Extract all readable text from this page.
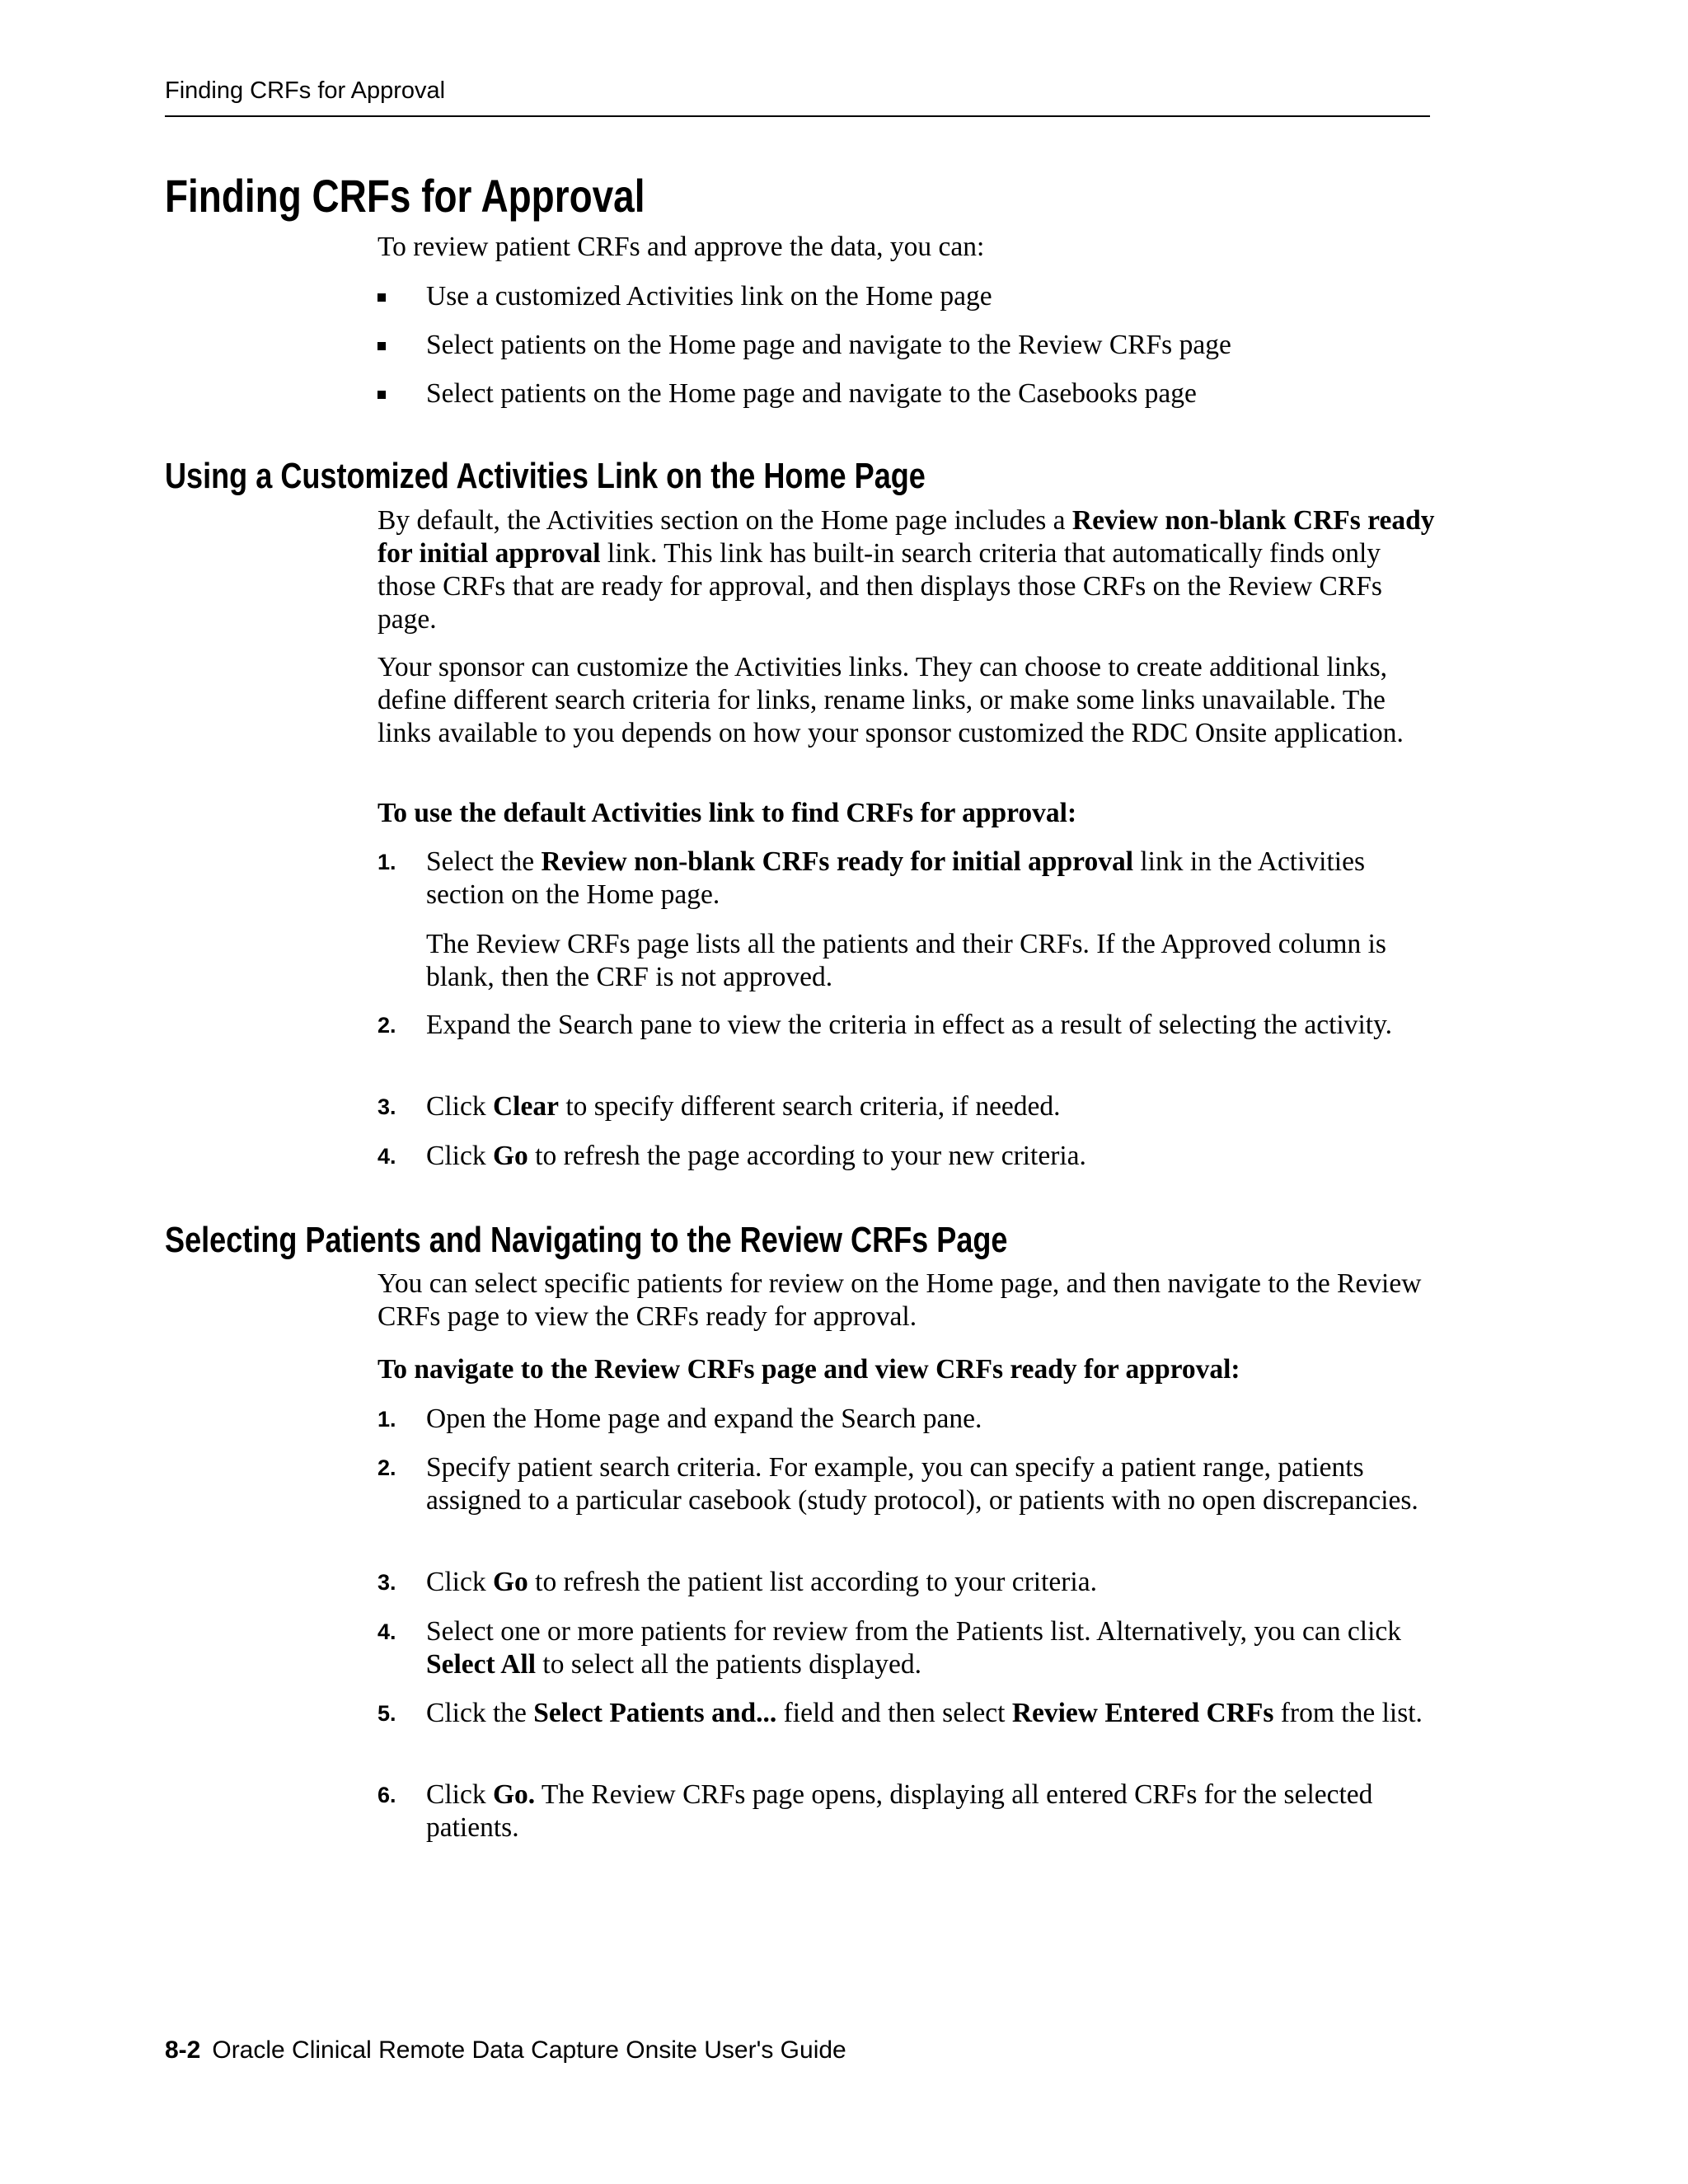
Finding CRFs for Approval
Finding CRFs for Approval

To review patient CRFs and approve the data, you can:

Use a customized Activities link on the Home page
Select patients on the Home page and navigate to the Review CRFs page
Select patients on the Home page and navigate to the Casebooks page
Using a Customized Activities Link on the Home Page

By default, the Activities section on the Home page includes a Review non-blank CRFs ready for initial approval link. This link has built-in search criteria that automatically finds only those CRFs that are ready for approval, and then displays those CRFs on the Review CRFs page.

Your sponsor can customize the Activities links. They can choose to create additional links, define different search criteria for links, rename links, or make some links unavailable. The links available to you depends on how your sponsor customized the RDC Onsite application.

To use the default Activities link to find CRFs for approval:

1. Select the Review non-blank CRFs ready for initial approval link in the Activities section on the Home page.
2. Expand the Search pane to view the criteria in effect as a result of selecting the activity.
3. Click Clear to specify different search criteria, if needed.
4. Click Go to refresh the page according to your new criteria.

The Review CRFs page lists all the patients and their CRFs. If the Approved column is blank, then the CRF is not approved.

Selecting Patients and Navigating to the Review CRFs Page

You can select specific patients for review on the Home page, and then navigate to the Review CRFs page to view the CRFs ready for approval.

To navigate to the Review CRFs page and view CRFs ready for approval:

1. Open the Home page and expand the Search pane.
2. Specify patient search criteria. For example, you can specify a patient range, patients assigned to a particular casebook (study protocol), or patients with no open discrepancies.
3. Click Go to refresh the patient list according to your criteria.
4. Select one or more patients for review from the Patients list. Alternatively, you can click Select All to select all the patients displayed.
5. Click the Select Patients and... field and then select Review Entered CRFs from the list.
6. Click Go. The Review CRFs page opens, displaying all entered CRFs for the selected patients.
8-2 Oracle Clinical Remote Data Capture Onsite User's Guide
